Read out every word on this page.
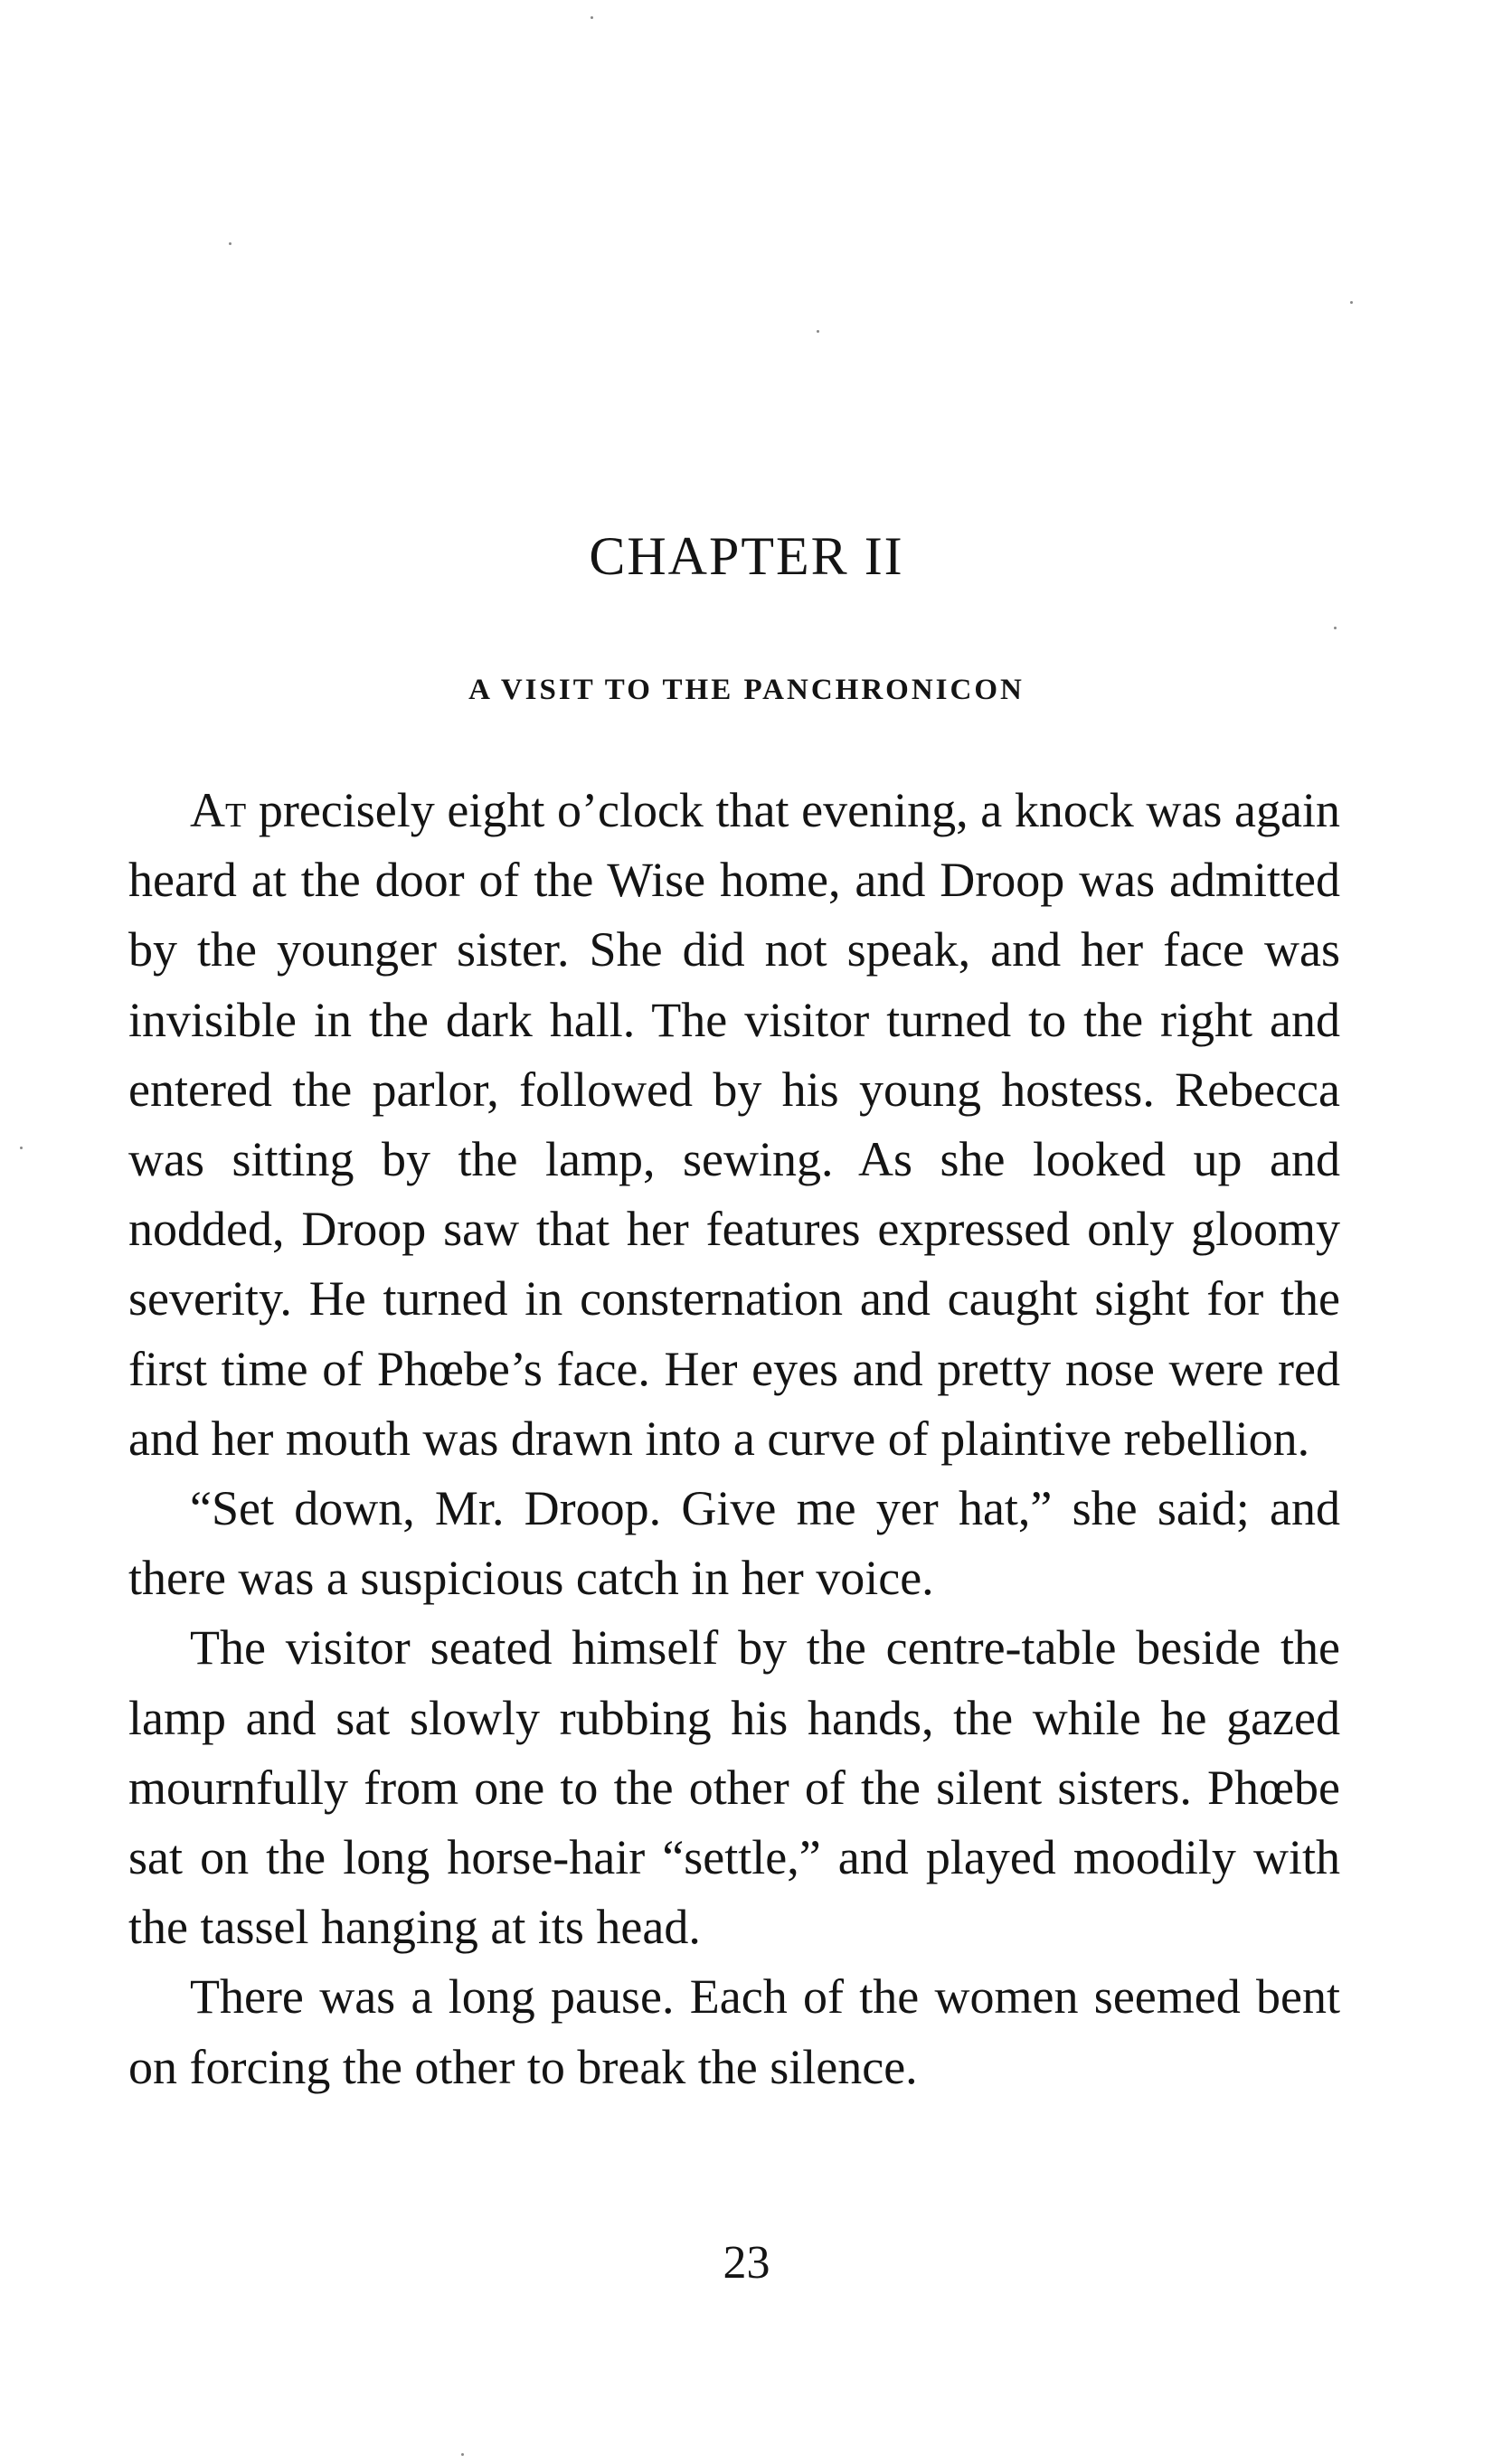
CHAPTER II
A VISIT TO THE PANCHRONICON

At precisely eight o’clock that evening, a knock was again heard at the door of the Wise home, and Droop was admitted by the younger sister. She did not speak, and her face was invisible in the dark hall. The visitor turned to the right and entered the parlor, followed by his young hostess. Rebecca was sitting by the lamp, sewing. As she looked up and nodded, Droop saw that her features expressed only gloomy severity. He turned in consternation and caught sight for the first time of Phœbe’s face. Her eyes and pretty nose were red and her mouth was drawn into a curve of plaintive rebellion.

“Set down, Mr. Droop. Give me yer hat,” she said; and there was a suspicious catch in her voice.

The visitor seated himself by the centre-table beside the lamp and sat slowly rubbing his hands, the while he gazed mournfully from one to the other of the silent sisters. Phœbe sat on the long horse-hair “settle,” and played moodily with the tassel hanging at its head.

There was a long pause. Each of the women seemed bent on forcing the other to break the silence.

23
